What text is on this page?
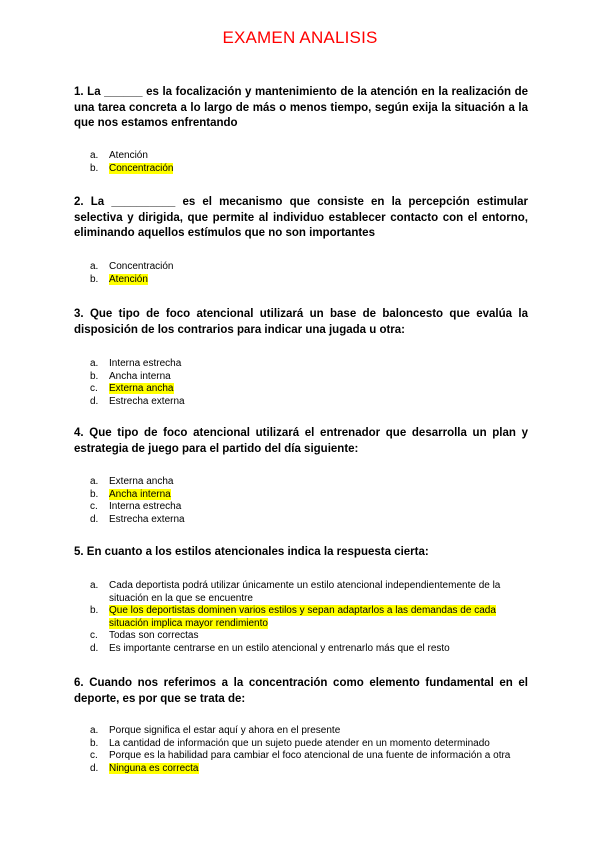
EXAMEN ANALISIS
1. La ______ es la focalización y mantenimiento de la atención en la realización de una tarea concreta a lo largo de más o menos tiempo, según exija la situación a la que nos estamos enfrentando
a. Atención
b. Concentración
2. La __________ es el mecanismo que consiste en la percepción estimular selectiva y dirigida, que permite al individuo establecer contacto con el entorno, eliminando aquellos estímulos que no son importantes
a. Concentración
b. Atención
3. Que tipo de foco atencional utilizará un base de baloncesto que evalúa la disposición de los contrarios para indicar una jugada u otra:
a. Interna estrecha
b. Ancha interna
c. Externa ancha
d. Estrecha externa
4. Que tipo de foco atencional utilizará el entrenador que desarrolla un plan y estrategia de juego para el partido del día siguiente:
a. Externa ancha
b. Ancha interna
c. Interna estrecha
d. Estrecha externa
5. En cuanto a los estilos atencionales indica la respuesta cierta:
a. Cada deportista podrá utilizar únicamente un estilo atencional independientemente de la situación en la que se encuentre
b. Que los deportistas dominen varios estilos y sepan adaptarlos a las demandas de cada situación implica mayor rendimiento
c. Todas son correctas
d. Es importante centrarse en un estilo atencional y entrenarlo más que el resto
6. Cuando nos referimos a la concentración como elemento fundamental en el deporte, es por que se trata de:
a. Porque significa el estar aquí y ahora en el presente
b. La cantidad de información que un sujeto puede atender en un momento determinado
c. Porque es la habilidad para cambiar el foco atencional de una fuente de información a otra
d. Ninguna es correcta
